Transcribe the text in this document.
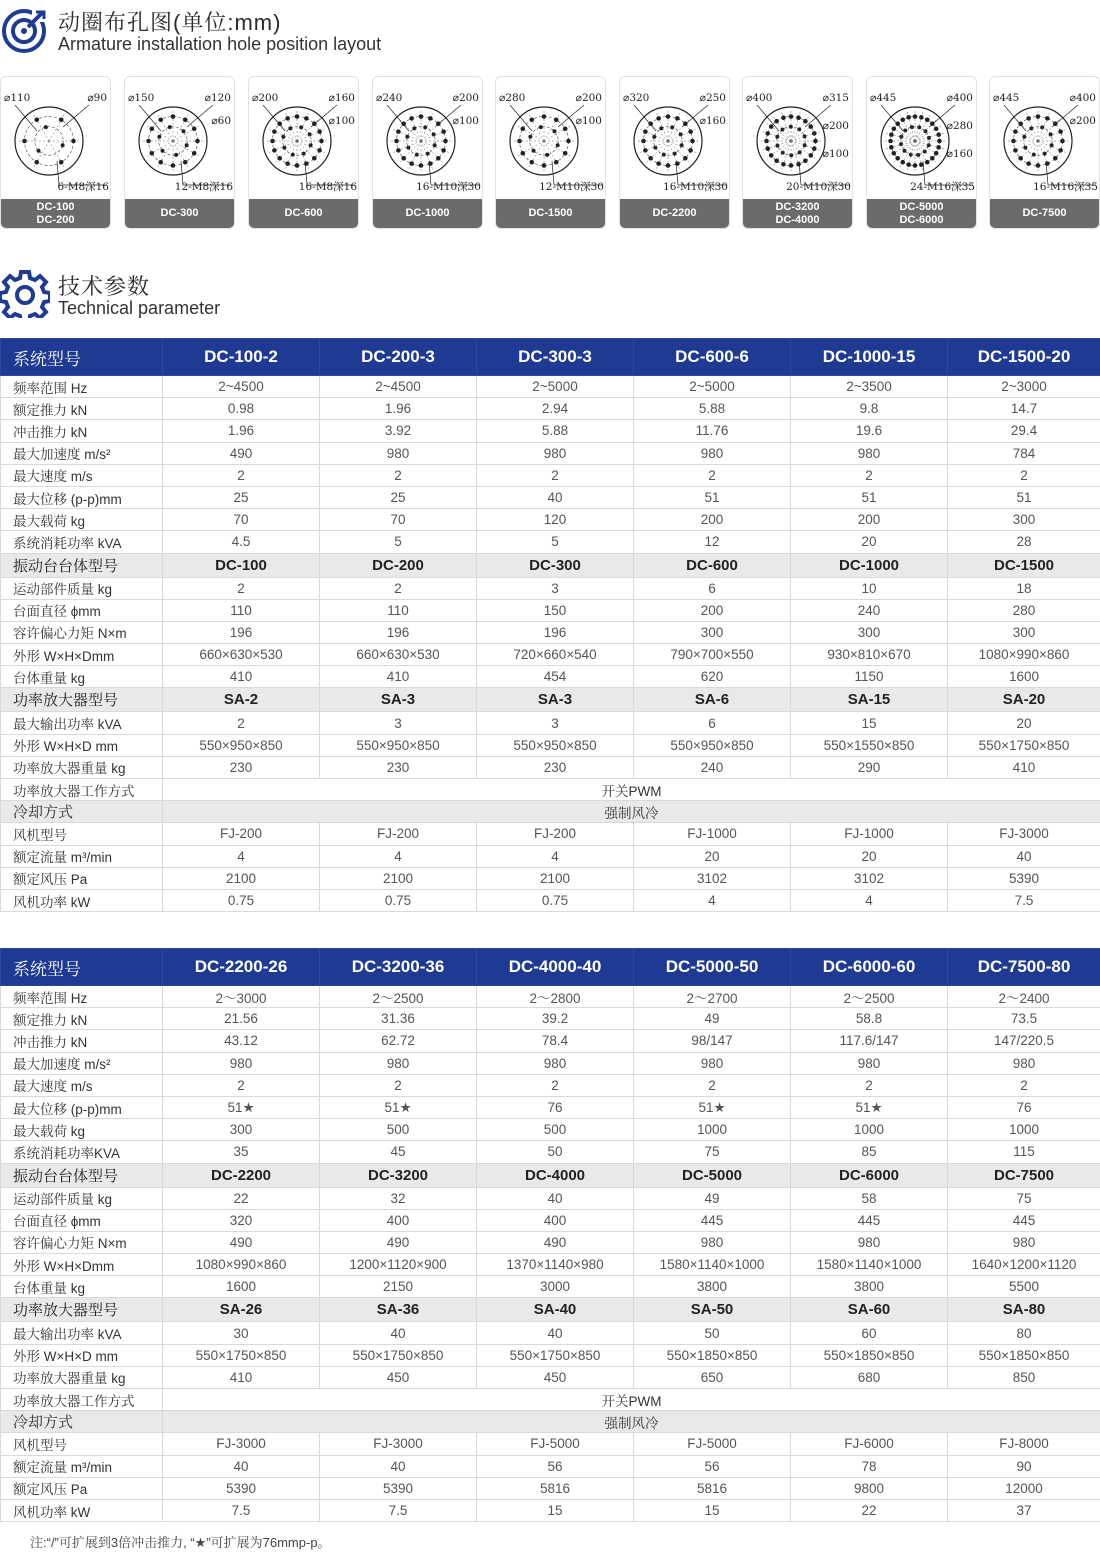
动圈布孔图(单位:mm)
Armature installation hole position layout
⌀110	⌀90
6-M8深16
DC-100
DC-200
⌀150	⌀120
⌀60
12-M8深16
DC-300
⌀200	⌀160
⌀100
16-M8深16
DC-600
⌀240	⌀200
⌀100
16-M10深30
DC-1000
⌀280	⌀200
⌀100
12-M10深30
DC-1500
⌀320	⌀250
⌀160
16-M10深30
DC-2200
⌀400	⌀315
⌀200
⌀100
20-M10深30
DC-3200
DC-4000
⌀445	⌀400
⌀280
⌀160
24-M16深35
DC-5000
DC-6000
⌀445	⌀400
⌀200
16-M16深35
DC-7500
技术参数
Technical parameter
系统型号	DC-100-2	DC-200-3	DC-300-3	DC-600-6	DC-1000-15	DC-1500-20
频率范围 Hz	2~4500	2~4500	2~5000	2~5000	2~3500	2~3000
额定推力 kN	0.98	1.96	2.94	5.88	9.8	14.7
冲击推力 kN	1.96	3.92	5.88	11.76	19.6	29.4
最大加速度 m/s²	490	980	980	980	980	784
最大速度 m/s	2	2	2	2	2	2
最大位移 (p-p)mm	25	25	40	51	51	51
最大载荷 kg	70	70	120	200	200	300
系统消耗功率 kVA	4.5	5	5	12	20	28
振动台台体型号	DC-100	DC-200	DC-300	DC-600	DC-1000	DC-1500
运动部件质量 kg	2	2	3	6	10	18
台面直径 ϕmm	110	110	150	200	240	280
容许偏心力矩 N×m	196	196	196	300	300	300
外形 W×H×Dmm	660×630×530	660×630×530	720×660×540	790×700×550	930×810×670	1080×990×860
台体重量 kg	410	410	454	620	1150	1600
功率放大器型号	SA-2	SA-3	SA-3	SA-6	SA-15	SA-20
最大输出功率 kVA	2	3	3	6	15	20
外形 W×H×D mm	550×950×850	550×950×850	550×950×850	550×950×850	550×1550×850	550×1750×850
功率放大器重量 kg	230	230	230	240	290	410
功率放大器工作方式	开关PWM					
冷却方式	强制风冷					
风机型号	FJ-200	FJ-200	FJ-200	FJ-1000	FJ-1000	FJ-3000
额定流量 m³/min	4	4	4	20	20	40
额定风压 Pa	2100	2100	2100	3102	3102	5390
风机功率 kW	0.75	0.75	0.75	4	4	7.5
系统型号	DC-2200-26	DC-3200-36	DC-4000-40	DC-5000-50	DC-6000-60	DC-7500-80
频率范围 Hz	2～3000	2～2500	2～2800	2～2700	2～2500	2～2400
额定推力 kN	21.56	31.36	39.2	49	58.8	73.5
冲击推力 kN	43.12	62.72	78.4	98/147	117.6/147	147/220.5
最大加速度 m/s²	980	980	980	980	980	980
最大速度 m/s	2	2	2	2	2	2
最大位移 (p-p)mm	51★	51★	76	51★	51★	76
最大载荷 kg	300	500	500	1000	1000	1000
系统消耗功率KVA	35	45	50	75	85	115
振动台台体型号	DC-2200	DC-3200	DC-4000	DC-5000	DC-6000	DC-7500
运动部件质量 kg	22	32	40	49	58	75
台面直径 ϕmm	320	400	400	445	445	445
容许偏心力矩 N×m	490	490	490	980	980	980
外形 W×H×Dmm	1080×990×860	1200×1120×900	1370×1140×980	1580×1140×1000	1580×1140×1000	1640×1200×1120
台体重量 kg	1600	2150	3000	3800	3800	5500
功率放大器型号	SA-26	SA-36	SA-40	SA-50	SA-60	SA-80
最大输出功率 kVA	30	40	40	50	60	80
外形 W×H×D mm	550×1750×850	550×1750×850	550×1750×850	550×1850×850	550×1850×850	550×1850×850
功率放大器重量 kg	410	450	450	650	680	850
功率放大器工作方式	开关PWM					
冷却方式	强制风冷					
风机型号	FJ-3000	FJ-3000	FJ-5000	FJ-5000	FJ-6000	FJ-8000
额定流量 m³/min	40	40	56	56	78	90
额定风压 Pa	5390	5390	5816	5816	9800	12000
风机功率 kW	7.5	7.5	15	15	22	37
注:“/”可扩展到3倍冲击推力, “★”可扩展为76mmp-p。
